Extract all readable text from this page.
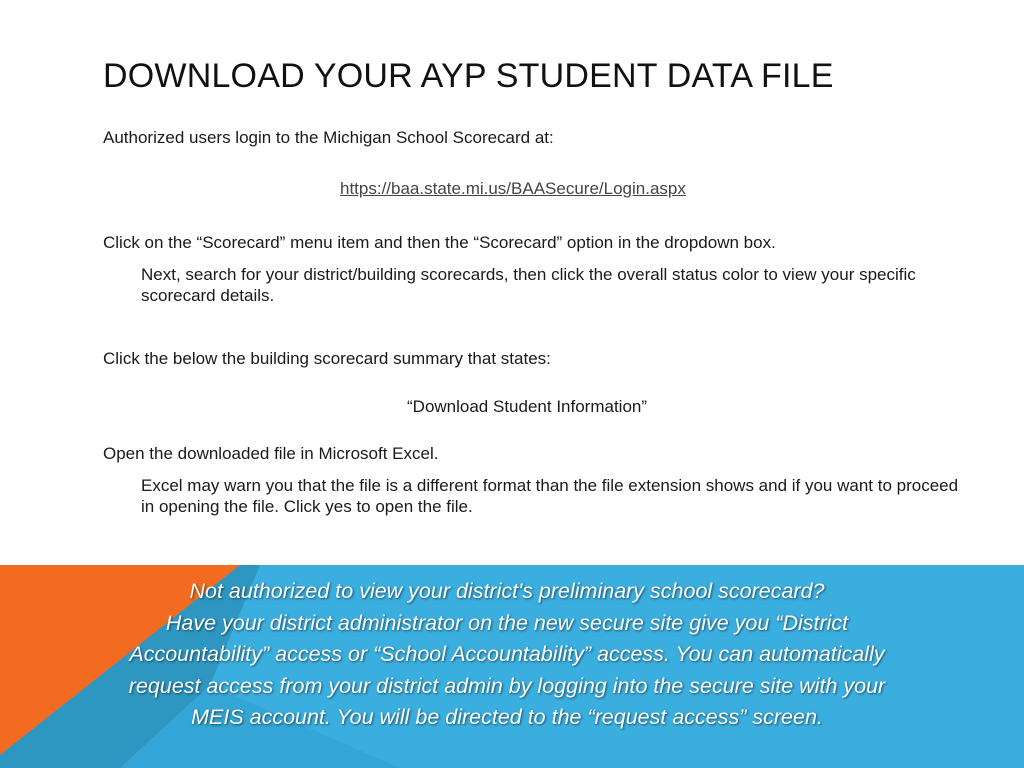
DOWNLOAD YOUR AYP STUDENT DATA FILE

Authorized users login to the Michigan School Scorecard at:

https://baa.state.mi.us/BAASecure/Login.aspx

Click on the “Scorecard” menu item and then the “Scorecard” option in the dropdown box.

Next, search for your district/building scorecards, then click the overall status color to view your specific scorecard details.

Click the below the building scorecard summary that states:

“Download Student Information”

Open the downloaded file in Microsoft Excel.

Excel may warn you that the file is a different format than the file extension shows and if you want to proceed in opening the file. Click yes to open the file.

Not authorized to view your district's preliminary school scorecard?
Have your district administrator on the new secure site give you “District
Accountability” access or “School Accountability” access. You can automatically
request access from your district admin by logging into the secure site with your
MEIS account. You will be directed to the “request access” screen.
